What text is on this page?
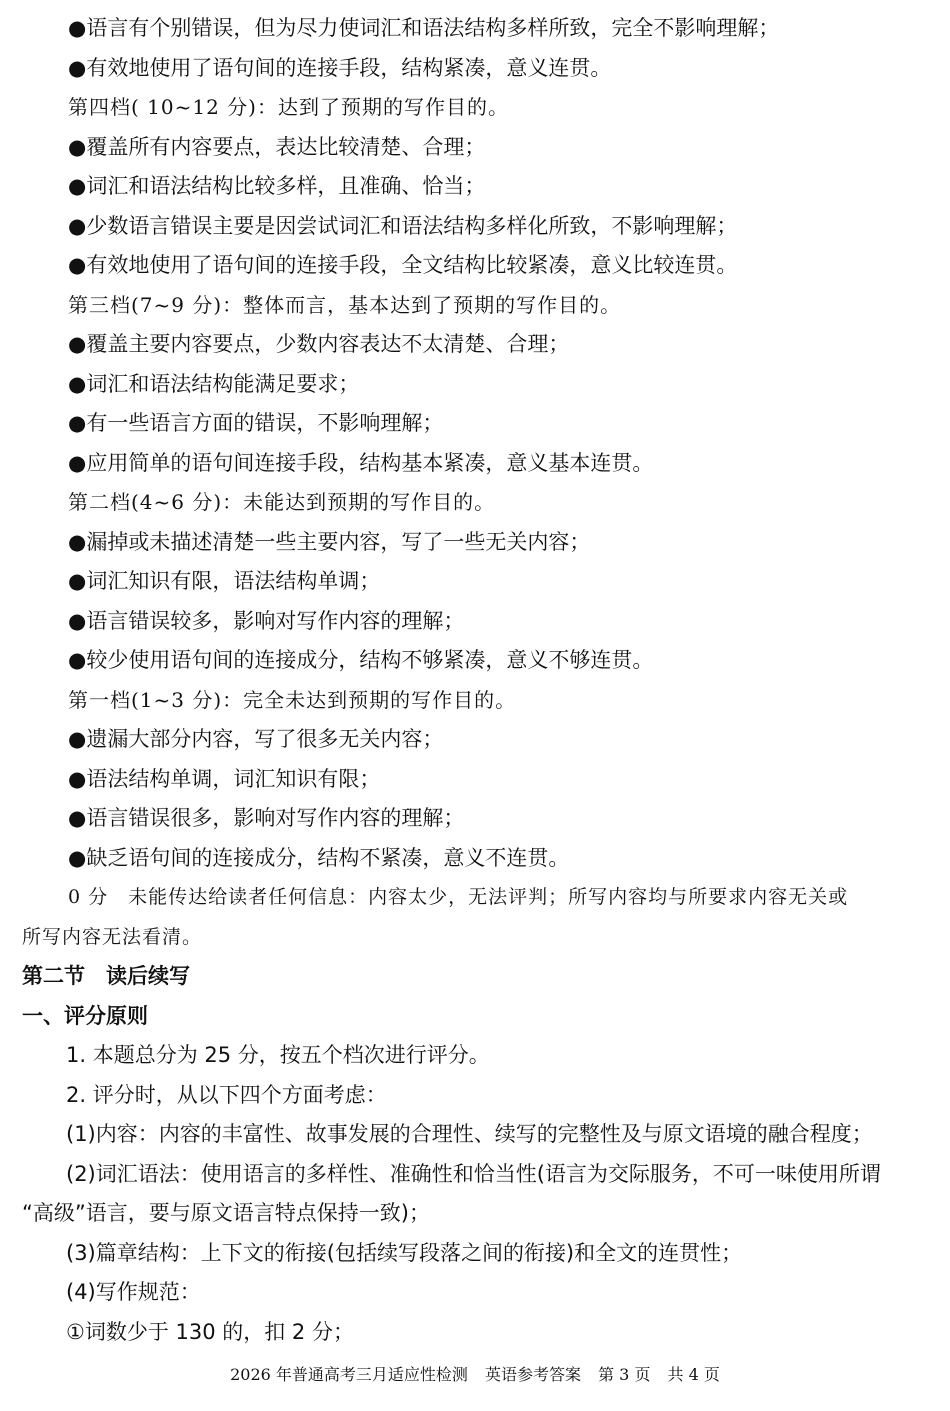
●语言有个别错误，但为尽力使词汇和语法结构多样所致，完全不影响理解；
●有效地使用了语句间的连接手段，结构紧凑，意义连贯。
第四档( 10~12 分)：达到了预期的写作目的。
●覆盖所有内容要点，表达比较清楚、合理；
●词汇和语法结构比较多样，且准确、恰当；
●少数语言错误主要是因尝试词汇和语法结构多样化所致，不影响理解；
●有效地使用了语句间的连接手段，全文结构比较紧凑，意义比较连贯。
第三档(7~9 分)：整体而言，基本达到了预期的写作目的。
●覆盖主要内容要点，少数内容表达不太清楚、合理；
●词汇和语法结构能满足要求；
●有一些语言方面的错误，不影响理解；
●应用简单的语句间连接手段，结构基本紧凑，意义基本连贯。
第二档(4~6 分)：未能达到预期的写作目的。
●漏掉或未描述清楚一些主要内容，写了一些无关内容；
●词汇知识有限，语法结构单调；
●语言错误较多，影响对写作内容的理解；
●较少使用语句间的连接成分，结构不够紧凑，意义不够连贯。
第一档(1~3 分)：完全未达到预期的写作目的。
●遗漏大部分内容，写了很多无关内容；
●语法结构单调，词汇知识有限；
●语言错误很多，影响对写作内容的理解；
●缺乏语句间的连接成分，结构不紧凑，意义不连贯。
0 分　未能传达给读者任何信息：内容太少，无法评判；所写内容均与所要求内容无关或
所写内容无法看清。
第二节　读后续写
一、评分原则
1. 本题总分为 25 分，按五个档次进行评分。
2. 评分时，从以下四个方面考虑：
(1)内容：内容的丰富性、故事发展的合理性、续写的完整性及与原文语境的融合程度；
(2)词汇语法：使用语言的多样性、准确性和恰当性(语言为交际服务，不可一味使用所谓
“高级”语言，要与原文语言特点保持一致)；
(3)篇章结构：上下文的衔接(包括续写段落之间的衔接)和全文的连贯性；
(4)写作规范：
①词数少于 130 的，扣 2 分；
2026 年普通高考三月适应性检测 英语参考答案 第 3 页 共 4 页
